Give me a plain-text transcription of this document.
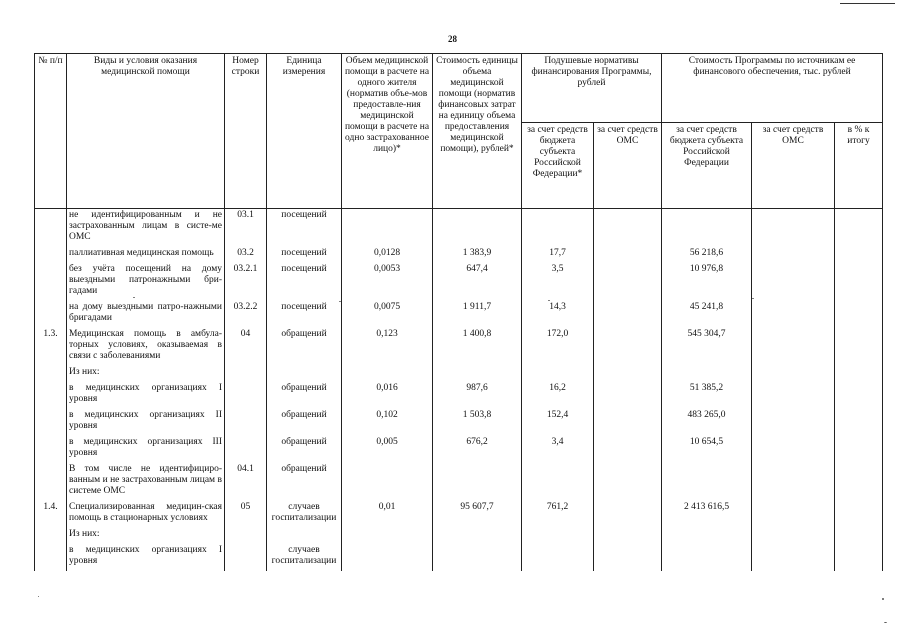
28
№ п/п	Виды и условия оказания медицинской помощи	Номер строки	Единица измерения	Объем медицинской помощи в расчете на одного жителя (норматив объе-мов предоставле-ния медицинской помощи в расчете на одно застрахованное лицо)*	Стоимость единицы объема медицинской помощи (норматив финансовых затрат на единицу объема предоставления медицинской помощи), рублей*	Подушевые нормативы финансирования Программы, рублей		Стоимость Программы по источникам ее финансового обеспечения, тыс. рублей		
						за счет средств бюджета субъекта Российской Федерации*	за счет средств ОМС	за счет средств бюджета субъекта Российской Федерации	за счет средств ОМС	в % к итогу
	не идентифицированным и не застрахованным лицам в систе-ме ОМС	03.1	посещений							
	паллиативная медицинская помощь	03.2	посещений	0,0128	1 383,9	17,7		56 218,6		
	без учёта посещений на дому выездными патронажными бри-гадами	03.2.1	посещений	0,0053	647,4	3,5		10 976,8		
	на дому выездными патро-нажными бригадами	03.2.2	посещений	0,0075	1 911,7	14,3		45 241,8		
1.3.	Медицинская помощь в амбула-торных условиях, оказываемая в связи с заболеваниями	04	обращений	0,123	1 400,8	172,0		545 304,7		
	Из них:									
	в медицинских организациях I уровня		обращений	0,016	987,6	16,2		51 385,2		
	в медицинских организациях II уровня		обращений	0,102	1 503,8	152,4		483 265,0		
	в медицинских организациях III уровня		обращений	0,005	676,2	3,4		10 654,5		
	В том числе не идентифициро-ванным и не застрахованным лицам в системе ОМС	04.1	обращений							
1.4.	Специализированная медицин-ская помощь в стационарных условиях	05	случаев госпитализации	0,01	95 607,7	761,2		2 413 616,5		
	Из них:									
	в медицинских организациях I уровня		случаев госпитализации							
